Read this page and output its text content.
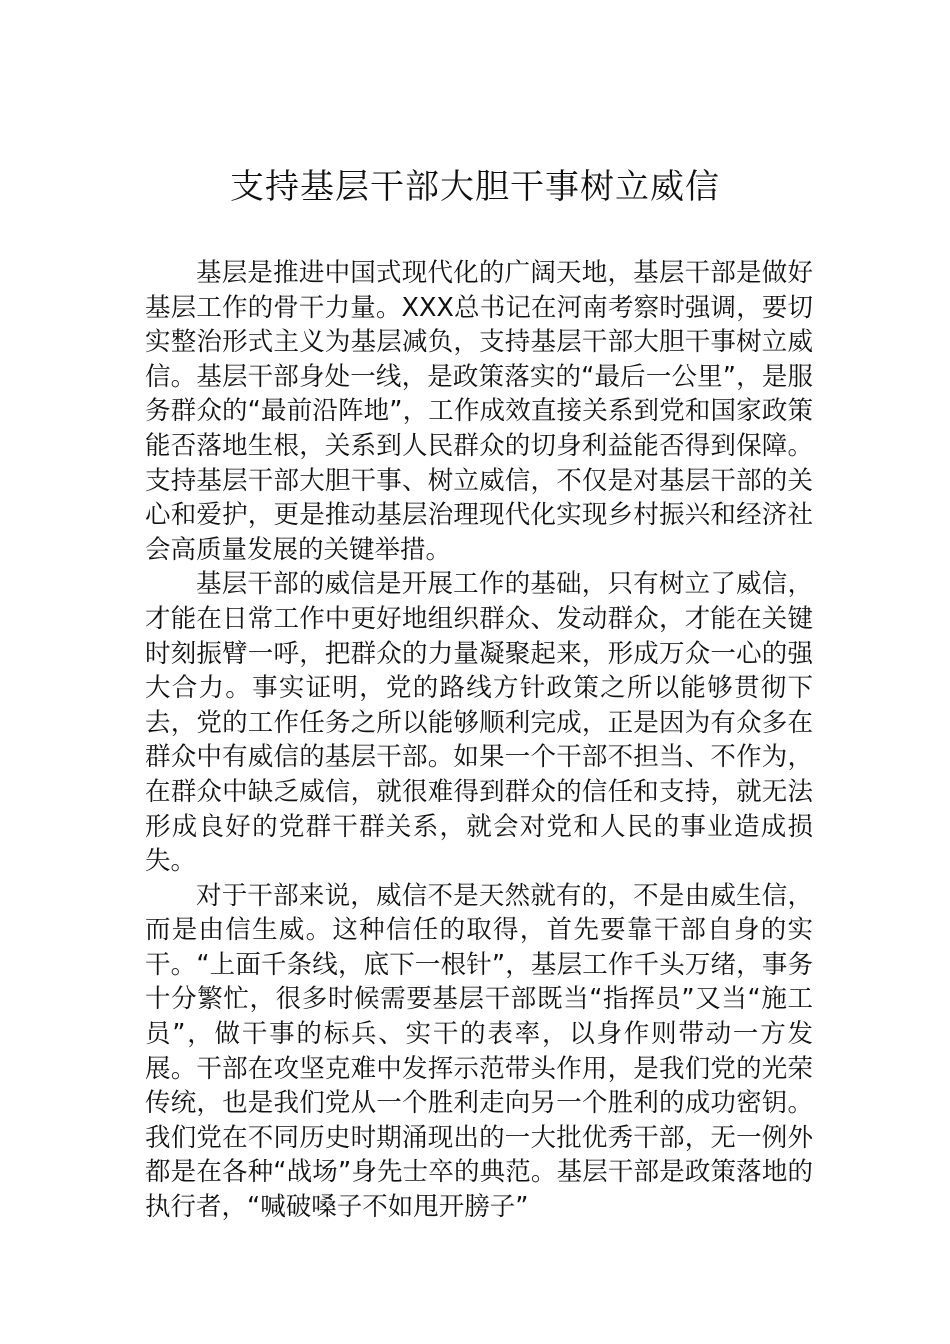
支持基层干部大胆干事树立威信

基层是推进中国式现代化的广阔天地，基层干部是做好基层工作的骨干力量。XXX总书记在河南考察时强调，要切实整治形式主义为基层减负，支持基层干部大胆干事树立威信。基层干部身处一线，是政策落实的“最后一公里”，是服务群众的“最前沿阵地”，工作成效直接关系到党和国家政策能否落地生根，关系到人民群众的切身利益能否得到保障。支持基层干部大胆干事、树立威信，不仅是对基层干部的关心和爱护，更是推动基层治理现代化实现乡村振兴和经济社会高质量发展的关键举措。

基层干部的威信是开展工作的基础，只有树立了威信，才能在日常工作中更好地组织群众、发动群众，才能在关键时刻振臂一呼，把群众的力量凝聚起来，形成万众一心的强大合力。事实证明，党的路线方针政策之所以能够贯彻下去，党的工作任务之所以能够顺利完成，正是因为有众多在群众中有威信的基层干部。如果一个干部不担当、不作为，在群众中缺乏威信，就很难得到群众的信任和支持，就无法形成良好的党群干群关系，就会对党和人民的事业造成损失。

对于干部来说，威信不是天然就有的，不是由威生信，而是由信生威。这种信任的取得，首先要靠干部自身的实干。“上面千条线，底下一根针”，基层工作千头万绪，事务十分繁忙，很多时候需要基层干部既当“指挥员”又当“施工员”，做干事的标兵、实干的表率，以身作则带动一方发展。干部在攻坚克难中发挥示范带头作用，是我们党的光荣传统，也是我们党从一个胜利走向另一个胜利的成功密钥。我们党在不同历史时期涌现出的一大批优秀干部，无一例外都是在各种“战场”身先士卒的典范。基层干部是政策落地的执行者，“喊破嗓子不如甩开膀子”
